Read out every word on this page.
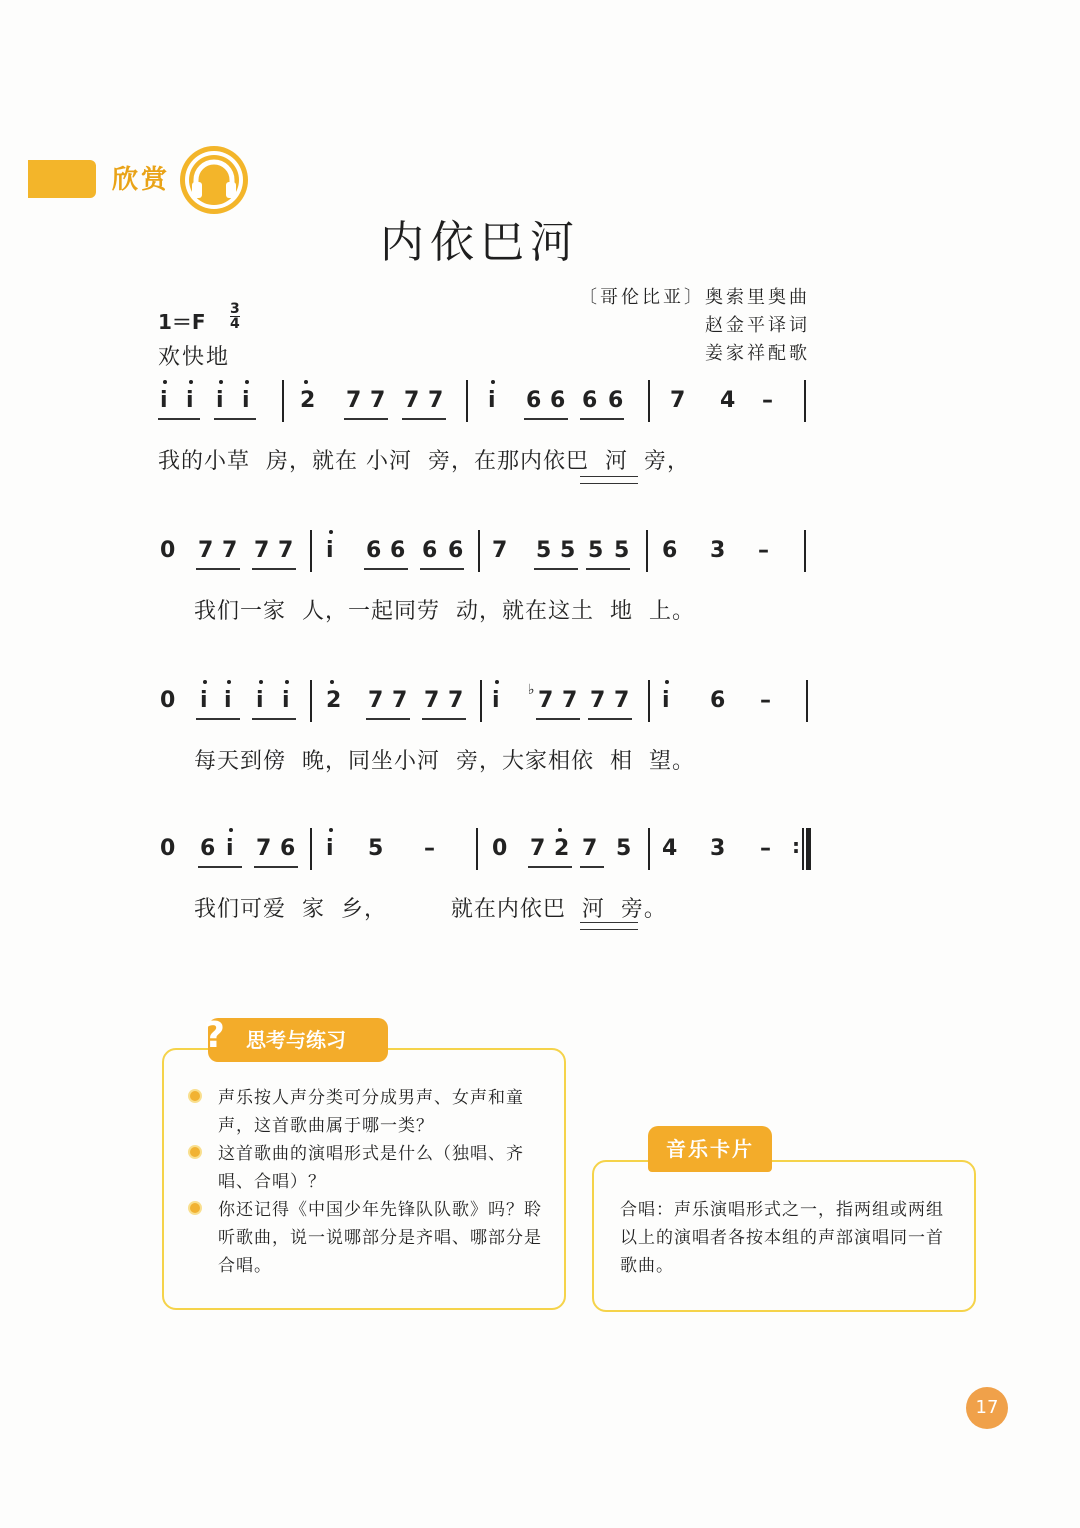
欣赏
内依巴河
1＝F
3
4
欢快地
〔哥伦比亚〕奥索里奥曲
赵金平译词
姜家祥配歌
i i i i 2 7 7 7 7 i 6 6 6 6 7 4 –
我的小草  房，就在 小河  旁，在那内依巴  河  旁，
0 7 7 7 7 i 6 6 6 6 7 5 5 5 5 6 3 –
我们一家  人，一起同劳  动，就在这土  地  上。
0 i i i i 2 7 7 7 7 i ♭ 7 7 7 7 i 6 –
每天到傍  晚，同坐小河  旁，大家相依  相  望。
0 6 i 7 6 i 5 –	0 7 2 7 5 4 3 – :
我们可爱  家  乡，        就在内依巴  河  旁。
? 思考与练习
声乐按人声分类可分成男声、女声和童声，这首歌曲属于哪一类？
这首歌曲的演唱形式是什么（独唱、齐唱、合唱）？
你还记得《中国少年先锋队队歌》吗？聆听歌曲，说一说哪部分是齐唱、哪部分是合唱。
音乐卡片
合唱：声乐演唱形式之一，指两组或两组以上的演唱者各按本组的声部演唱同一首歌曲。
17
